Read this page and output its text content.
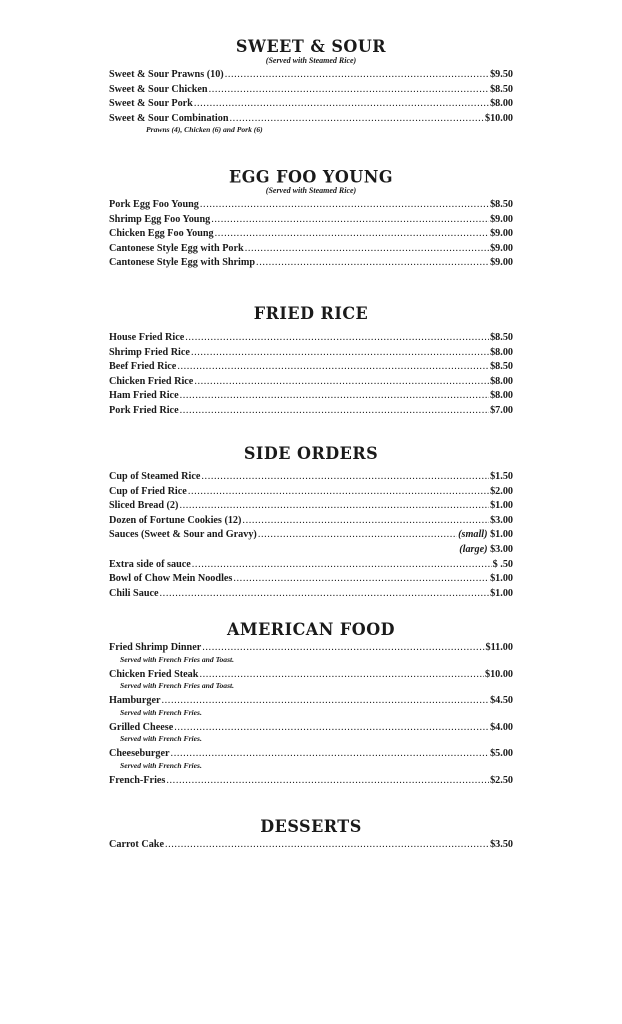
SWEET & SOUR
(Served with Steamed Rice)
Sweet & Sour Prawns (10) .....	$9.50
Sweet & Sour Chicken .....	$8.50
Sweet & Sour Pork .....	$8.00
Sweet & Sour Combination .....	$10.00
Prawns (4), Chicken (6) and Pork (6)
EGG FOO YOUNG
(Served with Steamed Rice)
Pork Egg Foo Young .....	$8.50
Shrimp Egg Foo Young .....	$9.00
Chicken Egg Foo Young .....	$9.00
Cantonese Style Egg with Pork .....	$9.00
Cantonese Style Egg with Shrimp .....	$9.00
FRIED RICE
House Fried Rice .....	$8.50
Shrimp Fried Rice .....	$8.00
Beef Fried Rice .....	$8.50
Chicken Fried Rice .....	$8.00
Ham Fried Rice .....	$8.00
Pork Fried Rice .....	$7.00
SIDE ORDERS
Cup of Steamed Rice .....	$1.50
Cup of Fried Rice .....	$2.00
Sliced Bread (2) .....	$1.00
Dozen of Fortune Cookies (12) .....	$3.00
Sauces (Sweet & Sour and Gravy) .....	(small) $1.00
(large) $3.00
Extra side of sauce .....	$ .50
Bowl of Chow Mein Noodles .....	$1.00
Chili Sauce .....	$1.00
AMERICAN FOOD
Fried Shrimp Dinner .....	$11.00
Served with French Fries and Toast.
Chicken Fried Steak .....	$10.00
Served with French Fries and Toast.
Hamburger .....	$4.50
Served with French Fries.
Grilled Cheese .....	$4.00
Served with French Fries.
Cheeseburger .....	$5.00
Served with French Fries.
French-Fries .....	$2.50
DESSERTS
Carrot Cake .....	$3.50
